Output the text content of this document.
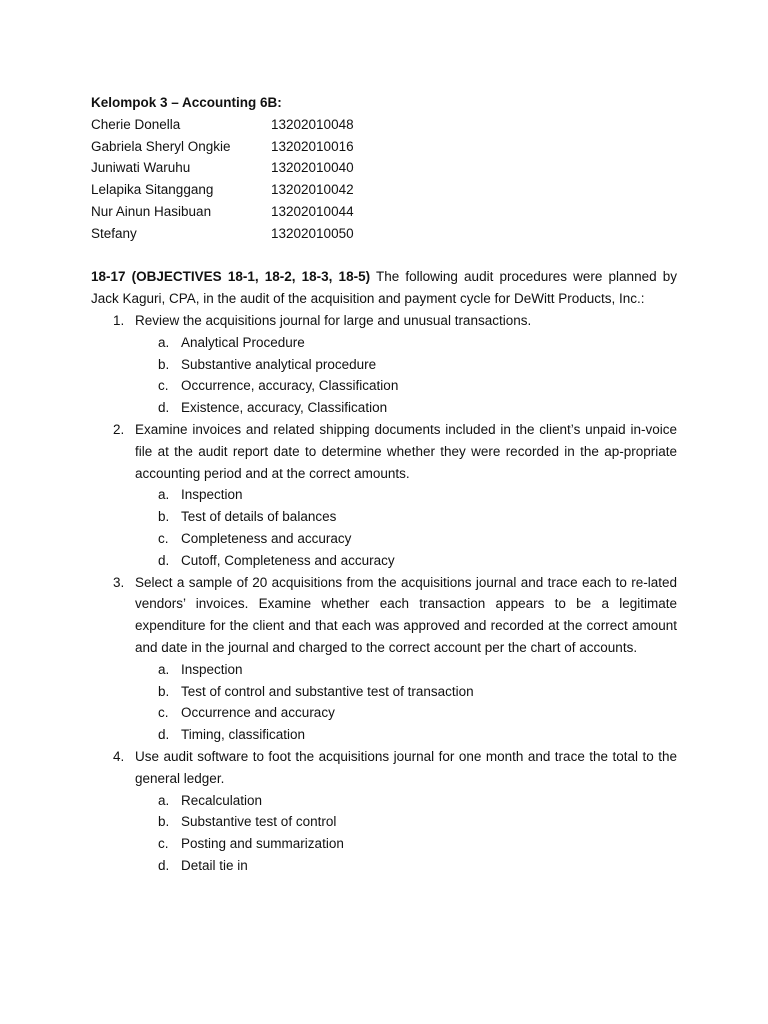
Kelompok 3 – Accounting 6B:
Cherie Donella	13202010048
Gabriela Sheryl Ongkie	13202010016
Juniwati Waruhu	13202010040
Lelapika Sitanggang	13202010042
Nur Ainun Hasibuan	13202010044
Stefany	13202010050
18-17 (OBJECTIVES 18-1, 18-2, 18-3, 18-5) The following audit procedures were planned by Jack Kaguri, CPA, in the audit of the acquisition and payment cycle for DeWitt Products, Inc.:
1. Review the acquisitions journal for large and unusual transactions.
a. Analytical Procedure
b. Substantive analytical procedure
c. Occurrence, accuracy, Classification
d. Existence, accuracy, Classification
2. Examine invoices and related shipping documents included in the client’s unpaid in-voice file at the audit report date to determine whether they were recorded in the ap-propriate accounting period and at the correct amounts.
a. Inspection
b. Test of details of balances
c. Completeness and accuracy
d. Cutoff, Completeness and accuracy
3. Select a sample of 20 acquisitions from the acquisitions journal and trace each to re-lated vendors’ invoices. Examine whether each transaction appears to be a legitimate expenditure for the client and that each was approved and recorded at the correct amount and date in the journal and charged to the correct account per the chart of accounts.
a. Inspection
b. Test of control and substantive test of transaction
c. Occurrence and accuracy
d. Timing, classification
4. Use audit software to foot the acquisitions journal for one month and trace the total to the general ledger.
a. Recalculation
b. Substantive test of control
c. Posting and summarization
d. Detail tie in
